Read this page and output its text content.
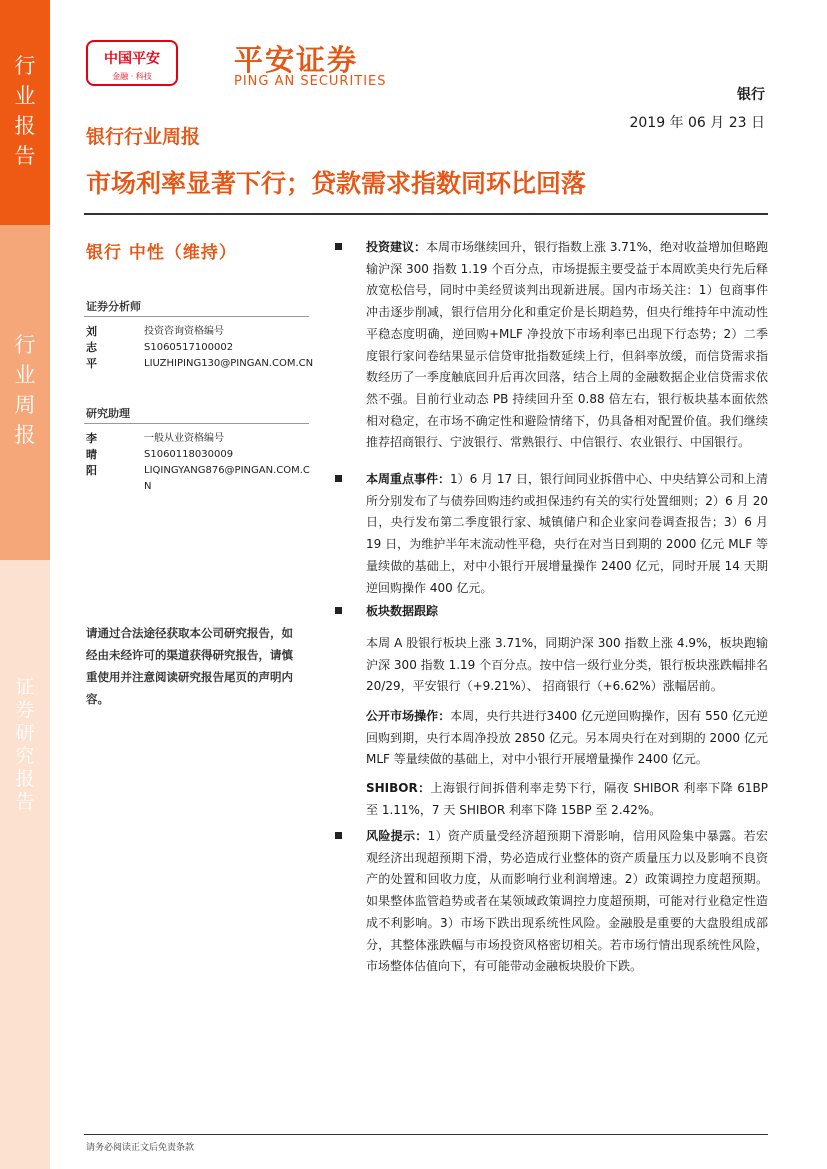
行
业
报
告
行
业
周
报
证
券
研
究
报
告
中国平安
金融 · 科技	平安证券
PING AN SECURITIES
银行
银行行业周报
2019 年 06 月 23 日
市场利率显著下行；贷款需求指数同环比回落
银行 中性（维持）
证券分析师
刘志平
投资咨询资格编号
S1060517100002
LIUZHIPING130@PINGAN.COM.CN
研究助理
李晴阳
一般从业资格编号
S1060118030009
LIQINGYANG876@PINGAN.COM.CN
请通过合法途径获取本公司研究报告，如经由未经许可的渠道获得研究报告，请慎重使用并注意阅读研究报告尾页的声明内容。
投资建议：本周市场继续回升，银行指数上涨 3.71%，绝对收益增加但略跑输沪深 300 指数 1.19 个百分点，市场提振主要受益于本周欧美央行先后释放宽松信号，同时中美经贸谈判出现新进展。国内市场关注：1）包商事件冲击逐步削减，银行信用分化和重定价是长期趋势，但央行维持年中流动性平稳态度明确，逆回购+MLF 净投放下市场利率已出现下行态势；2）二季度银行家问卷结果显示信贷审批指数延续上行，但斜率放缓，而信贷需求指数经历了一季度触底回升后再次回落，结合上周的金融数据企业信贷需求依然不强。目前行业动态 PB 持续回升至 0.88 倍左右，银行板块基本面依然相对稳定，在市场不确定性和避险情绪下，仍具备相对配置价值。我们继续推荐招商银行、宁波银行、常熟银行、中信银行、农业银行、中国银行。
本周重点事件：1）6 月 17 日，银行间同业拆借中心、中央结算公司和上清所分别发布了与债券回购违约或担保违约有关的实行处置细则；2）6 月 20 日，央行发布第二季度银行家、城镇储户和企业家问卷调查报告；3）6 月 19 日，为维护半年末流动性平稳，央行在对当日到期的 2000 亿元 MLF 等量续做的基础上，对中小银行开展增量操作 2400 亿元，同时开展 14 天期逆回购操作 400 亿元。
板块数据跟踪
本周 A 股银行板块上涨 3.71%，同期沪深 300 指数上涨 4.9%，板块跑输沪深 300 指数 1.19 个百分点。按中信一级行业分类，银行板块涨跌幅排名 20/29，平安银行（+9.21%）、 招商银行（+6.62%）涨幅居前。
公开市场操作：本周，央行共进行3400 亿元逆回购操作，因有 550 亿元逆回购到期，央行本周净投放 2850 亿元。另本周央行在对到期的 2000 亿元 MLF 等量续做的基础上，对中小银行开展增量操作 2400 亿元。
SHIBOR：上海银行间拆借利率走势下行，隔夜 SHIBOR 利率下降 61BP 至 1.11%，7 天 SHIBOR 利率下降 15BP 至 2.42%。
风险提示：1）资产质量受经济超预期下滑影响，信用风险集中暴露。若宏观经济出现超预期下滑，势必造成行业整体的资产质量压力以及影响不良资产的处置和回收力度，从而影响行业利润增速。2）政策调控力度超预期。如果整体监管趋势或者在某领域政策调控力度超预期，可能对行业稳定性造成不利影响。3）市场下跌出现系统性风险。金融股是重要的大盘股组成部分，其整体涨跌幅与市场投资风格密切相关。若市场行情出现系统性风险，市场整体估值向下，有可能带动金融板块股价下跌。
请务必阅读正文后免责条款
